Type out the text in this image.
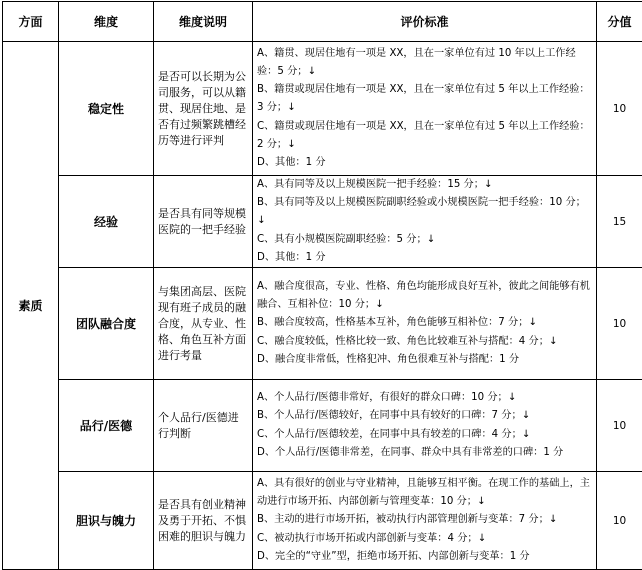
方面	维度	维度说明	评价标准	分值
素质	稳定性	是否可以长期为公司服务，可以从籍贯、现居住地、是否有过频繁跳槽经历等进行评判	A、籍贯、现居住地有一项是 XX，且在一家单位有过 10 年以上工作经验：5 分；↓
B、籍贯或现居住地有一项是 XX，且在一家单位有过 5 年以上工作经验：3 分；↓
C、籍贯或现居住地有一项是 XX，且在一家单位有过 5 年以上工作经验：2 分；↓
D、其他：1 分	10
	经验	是否具有同等规模医院的一把手经验	A、具有同等及以上规模医院一把手经验：15 分；↓
B、具有同等及以上规模医院副职经验或小规模医院一把手经验：10 分；↓
C、具有小规模医院副职经验：5 分；↓
D、其他：1 分	15
	团队融合度	与集团高层、医院现有班子成员的融合度，从专业、性格、角色互补方面进行考量	A、融合度很高，专业、性格、角色均能形成良好互补，彼此之间能够有机融合、互相补位：10 分；↓
B、融合度较高，性格基本互补，角色能够互相补位：7 分；↓
C、融合度较低，性格比较一致、角色比较难互补与搭配：4 分；↓
D、融合度非常低，性格犯冲、角色很难互补与搭配：1 分	10
	品行/医德	个人品行/医德进行判断	A、个人品行/医德非常好，有很好的群众口碑：10 分；↓
B、个人品行/医德较好，在同事中具有较好的口碑：7 分；↓
C、个人品行/医德较差，在同事中具有较差的口碑：4 分；↓
D、个人品行/医德非常差，在同事、群众中具有非常差的口碑：1 分	10
	胆识与魄力	是否具有创业精神及勇于开拓、不惧困难的胆识与魄力	A、具有很好的创业与守业精神，且能够互相平衡。在现工作的基础上，主动进行市场开拓、内部创新与管理变革：10 分；↓
B、主动的进行市场开拓，被动执行内部管理创新与变革：7 分；↓
C、被动执行市场开拓或内部创新与变革：4 分；↓
D、完全的“守业”型，拒绝市场开拓、内部创新与变革：1 分	10
